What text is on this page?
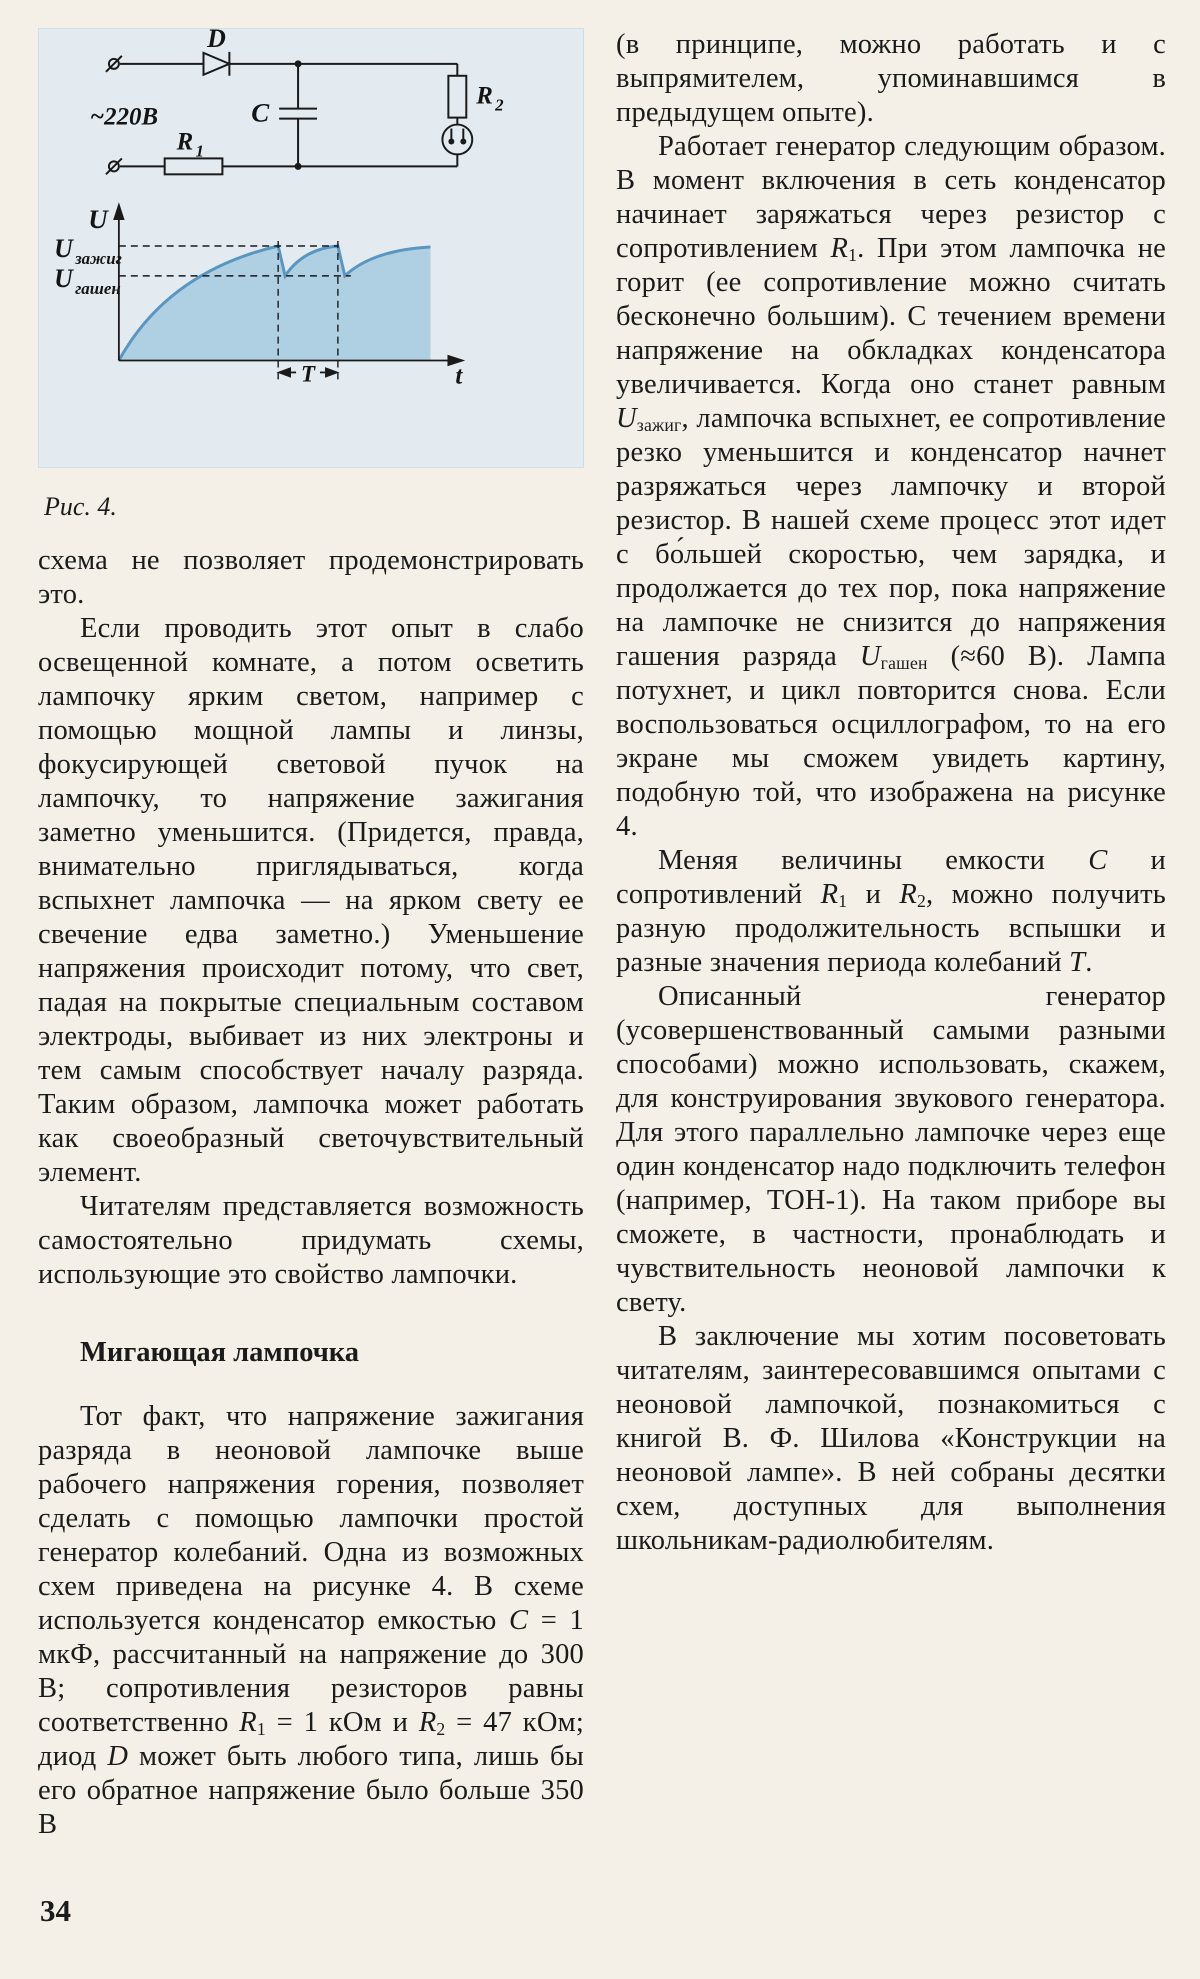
D
~220В	C
R 1
R 2
U
t
U зажиг
U гашен
T
Рис. 4.

схема не позволяет продемонстрировать это.

Если проводить этот опыт в слабо освещенной комнате, а потом осветить лампочку ярким светом, например с помощью мощной лампы и линзы, фокусирующей световой пучок на лампочку, то напряжение зажигания заметно уменьшится. (Придется, правда, внимательно приглядываться, когда вспыхнет лампочка — на ярком свету ее свечение едва заметно.) Уменьшение напряжения происходит потому, что свет, падая на покрытые специальным составом электроды, выбивает из них электроны и тем самым способствует началу разряда. Таким образом, лампочка может работать как своеобразный светочувствительный элемент.

Читателям представляется возможность самостоятельно придумать схемы, использующие это свойство лампочки.

Мигающая лампочка

Тот факт, что напряжение зажигания разряда в неоновой лампочке выше рабочего напряжения горения, позволяет сделать с помощью лампочки простой генератор колебаний. Одна из возможных схем приведена на рисунке 4. В схеме используется конденсатор емкостью C = 1 мкФ, рассчитанный на напряжение до 300 В; сопротивления резисторов равны соответственно $R_1 = 1$ кОм и $R_2 = 47$ кОм; диод D может быть любого типа, лишь бы его обратное напряжение было больше 350 В

(в принципе, можно работать и с выпрямителем, упоминавшимся в предыдущем опыте).

Работает генератор следующим образом. В момент включения в сеть конденсатор начинает заряжаться через резистор с сопротивлением $R_1$. При этом лампочка не горит (ее сопротивление можно считать бесконечно большим). С течением времени напряжение на обкладках конденсатора увеличивается. Когда оно станет равным $U_{зажиг}$, лампочка вспыхнет, ее сопротивление резко уменьшится и конденсатор начнет разряжаться через лампочку и второй резистор. В нашей схеме процесс этот идет с бо́льшей скоростью, чем зарядка, и продолжается до тех пор, пока напряжение на лампочке не снизится до напряжения гашения разряда $U_{гашен}$ (≈60 В). Лампа потухнет, и цикл повторится снова. Если воспользоваться осциллографом, то на его экране мы сможем увидеть картину, подобную той, что изображена на рисунке 4.

Меняя величины емкости C и сопротивлений $R_1$ и $R_2$, можно получить разную продолжительность вспышки и разные значения периода колебаний T.

Описанный генератор (усовершенствованный самыми разными способами) можно использовать, скажем, для конструирования звукового генератора. Для этого параллельно лампочке через еще один конденсатор надо подключить телефон (например, ТОН-1). На таком приборе вы сможете, в частности, пронаблюдать и чувствительность неоновой лампочки к свету.

В заключение мы хотим посоветовать читателям, заинтересовавшимся опытами с неоновой лампочкой, познакомиться с книгой В. Ф. Шилова «Конструкции на неоновой лампе». В ней собраны десятки схем, доступных для выполнения школьникам-радиолюбителям.

34
